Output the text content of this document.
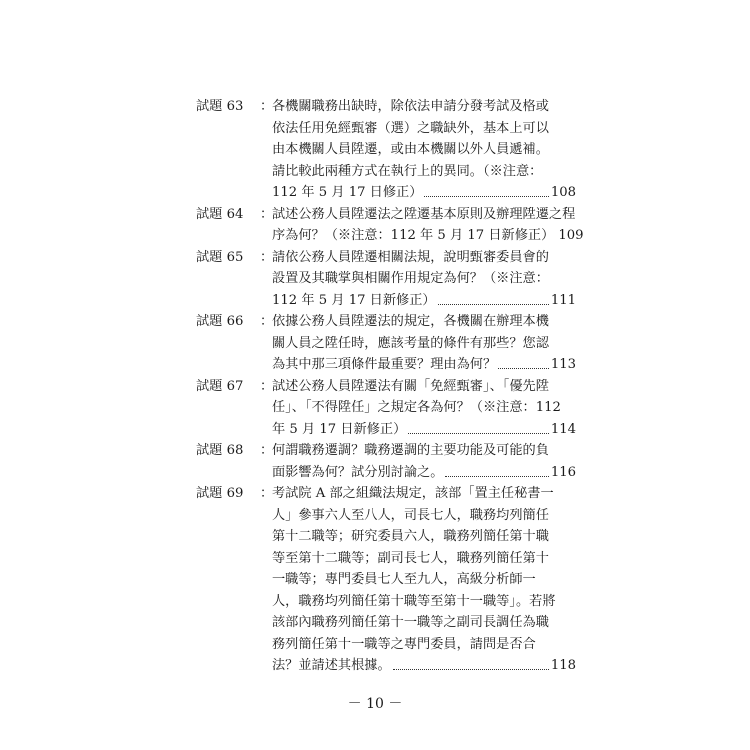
試題 63	：
各機關職務出缺時，除依法申請分發考試及格或
依法任用免經甄審（選）之職缺外，基本上可以
由本機關人員陞遷，或由本機關以外人員遞補。
請比較此兩種方式在執行上的異同。（※注意：
112 年 5 月 17 日修正）	108
試題 64	：
試述公務人員陞遷法之陞遷基本原則及辦理陞遷之程
序為何？（※注意：112 年 5 月 17 日新修正） 109
試題 65	：
請依公務人員陞遷相關法規，說明甄審委員會的
設置及其職掌與相關作用規定為何？（※注意：
112 年 5 月 17 日新修正）	111
試題 66	：
依據公務人員陞遷法的規定，各機關在辦理本機
關人員之陞任時，應該考量的條件有那些？您認
為其中那三項條件最重要？理由為何？	113
試題 67	：
試述公務人員陞遷法有關「免經甄審」、「優先陞
任」、「不得陞任」之規定各為何？（※注意：112
年 5 月 17 日新修正）	114
試題 68	：
何謂職務遷調？職務遷調的主要功能及可能的負
面影響為何？試分別討論之。	116
試題 69	：
考試院 A 部之組織法規定，該部「置主任秘書一
人」參事六人至八人，司長七人，職務均列簡任
第十二職等；研究委員六人，職務列簡任第十職
等至第十二職等；副司長七人，職務列簡任第十
一職等；專門委員七人至九人，高級分析師一
人，職務均列簡任第十職等至第十一職等」。若將
該部內職務列簡任第十一職等之副司長調任為職
務列簡任第十一職等之專門委員，請問是否合
法？並請述其根據。	118
－ 10 －
